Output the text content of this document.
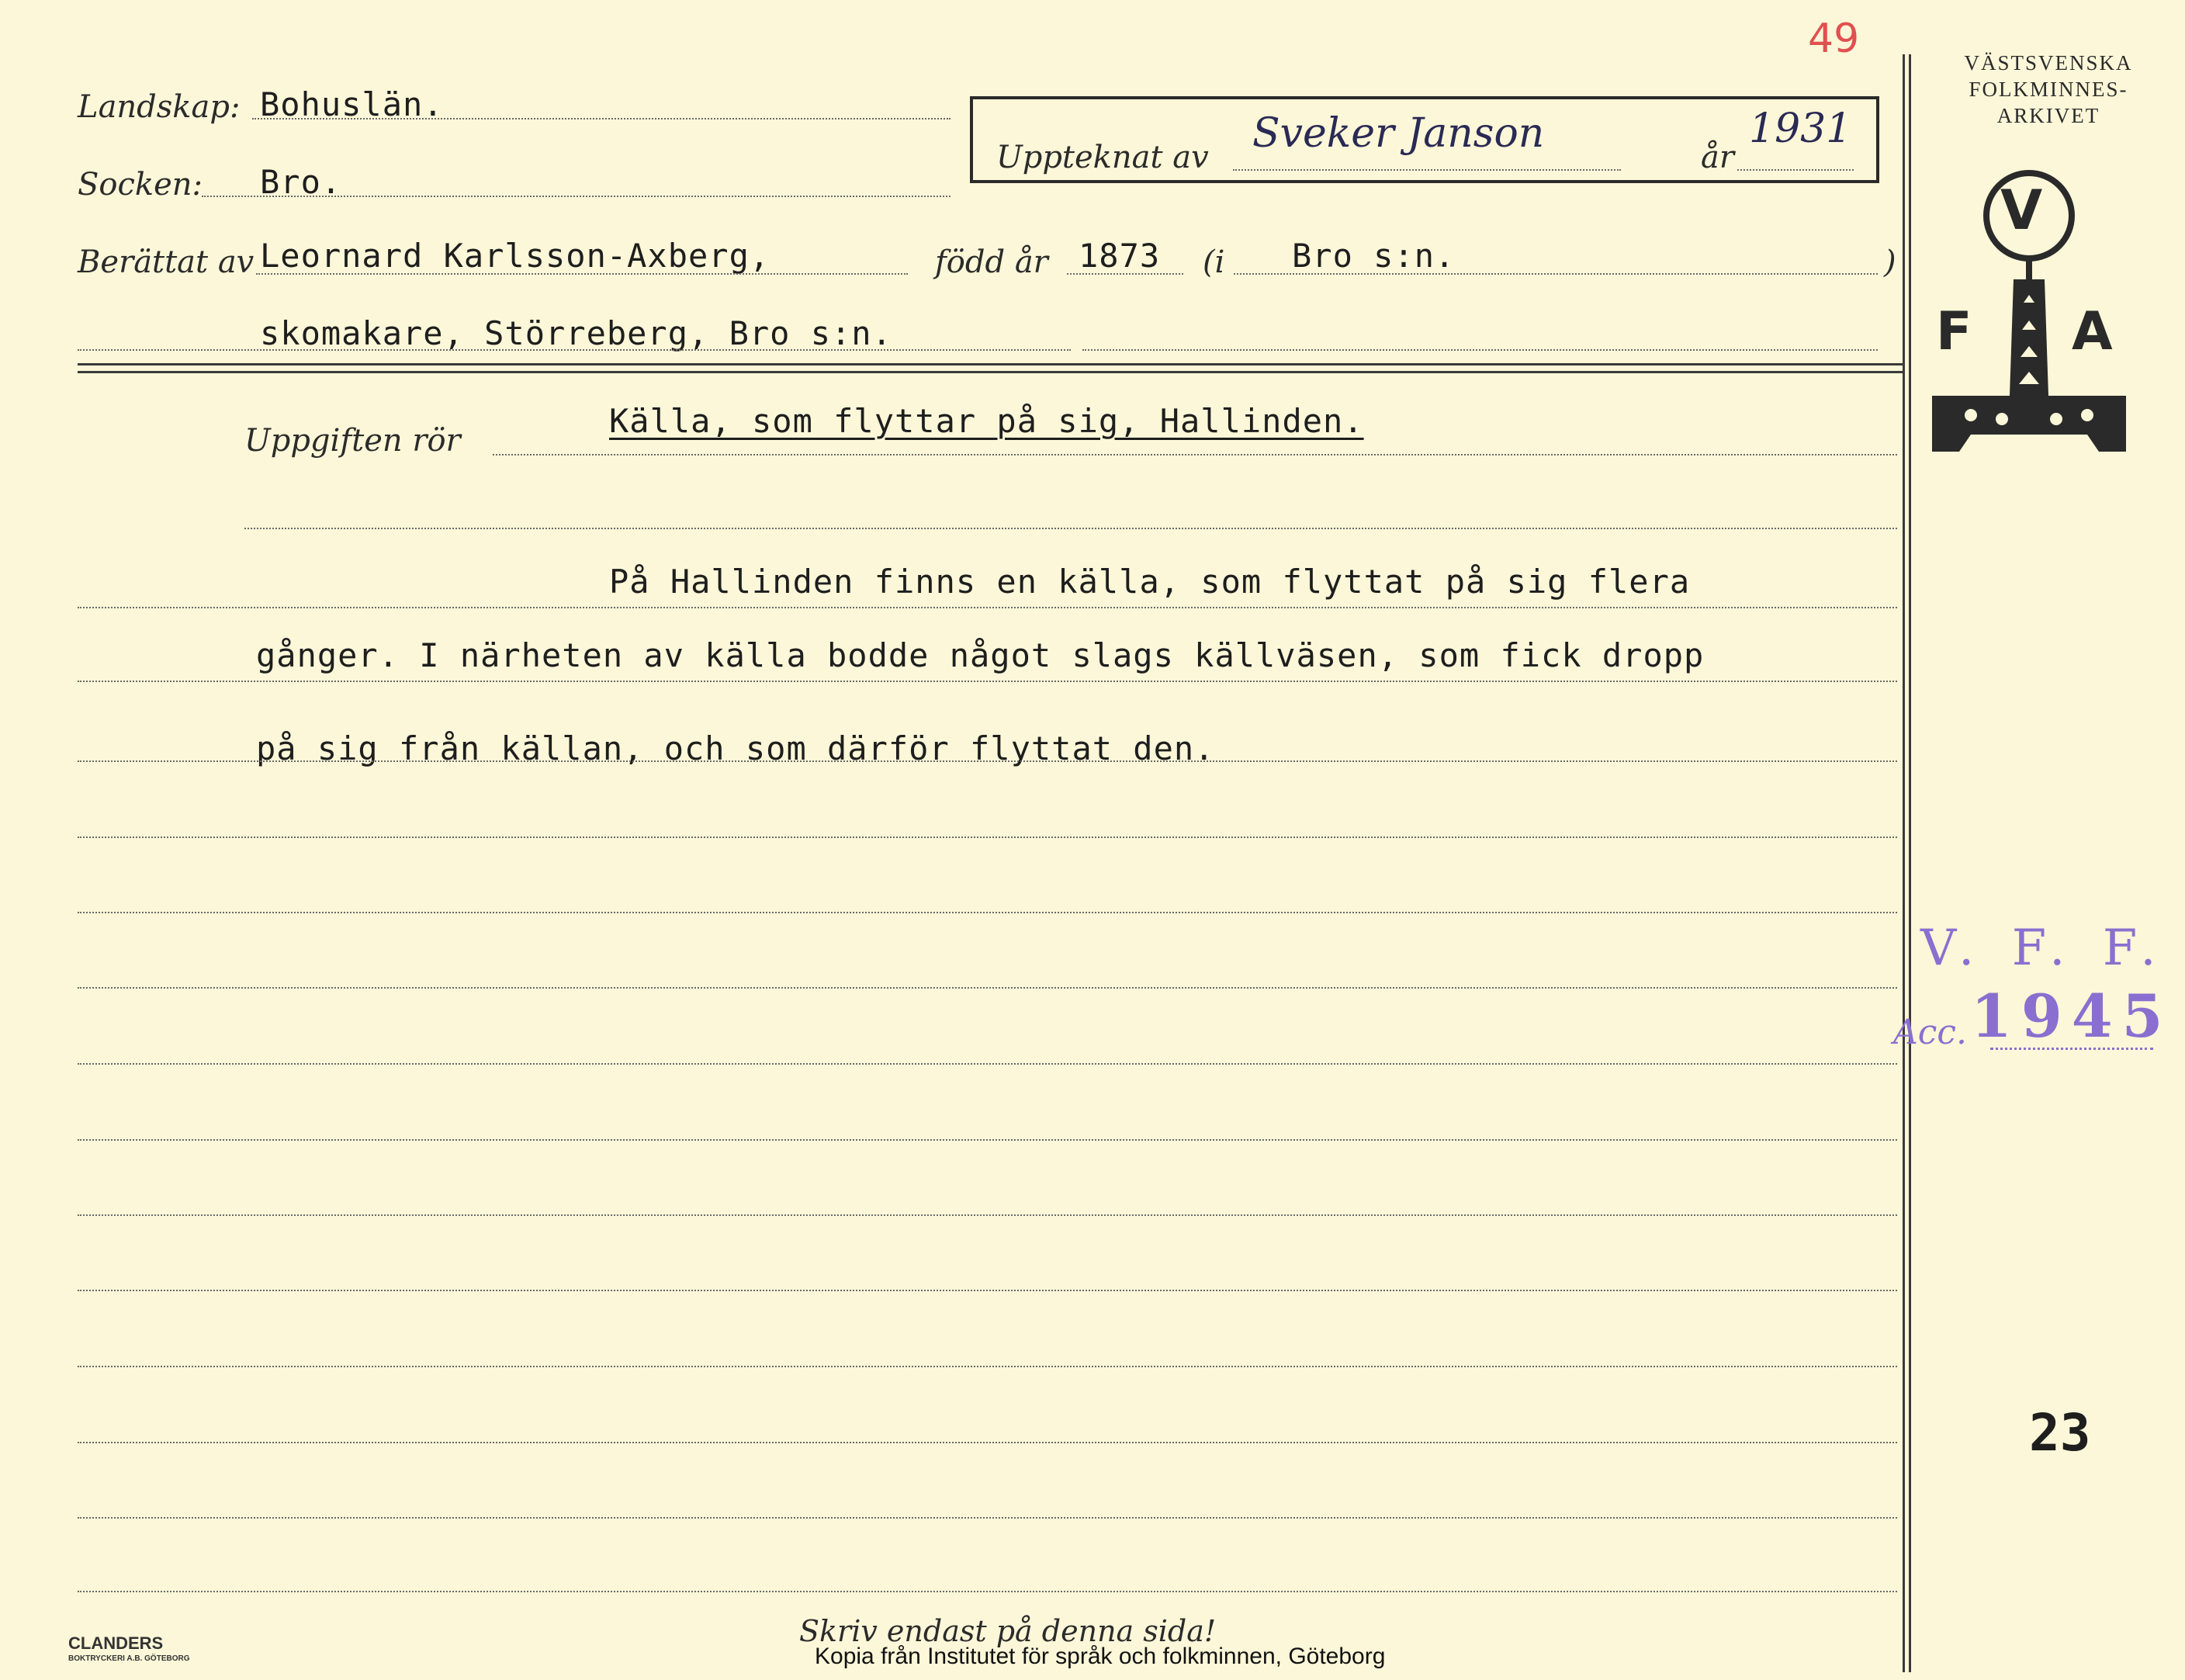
49
Landskap: Bohuslän.
Socken: Bro.
Uppteknat av
Sveker Janson
år
1931
Berättat av Leornard Karlsson-Axberg,	född år 1873 (i Bro s:n.	)
skomakare, Störreberg, Bro s:n.
Uppgiften rör
Källa, som flyttar på sig, Hallinden.
På Hallinden finns en källa, som flyttat på sig flera
gånger. I närheten av källa bodde något slags källväsen, som fick dropp
på sig från källan, och som därför flyttat den.
VÄSTSVENSKA
FOLKMINNES-
ARKIVET
V
F A
V. F. F.
Acc. 1945
23
Skriv endast på denna sida!
Kopia från Institutet för språk och folkminnen, Göteborg
CLANDERS
BOKTRYCKERI A.B. GÖTEBORG
